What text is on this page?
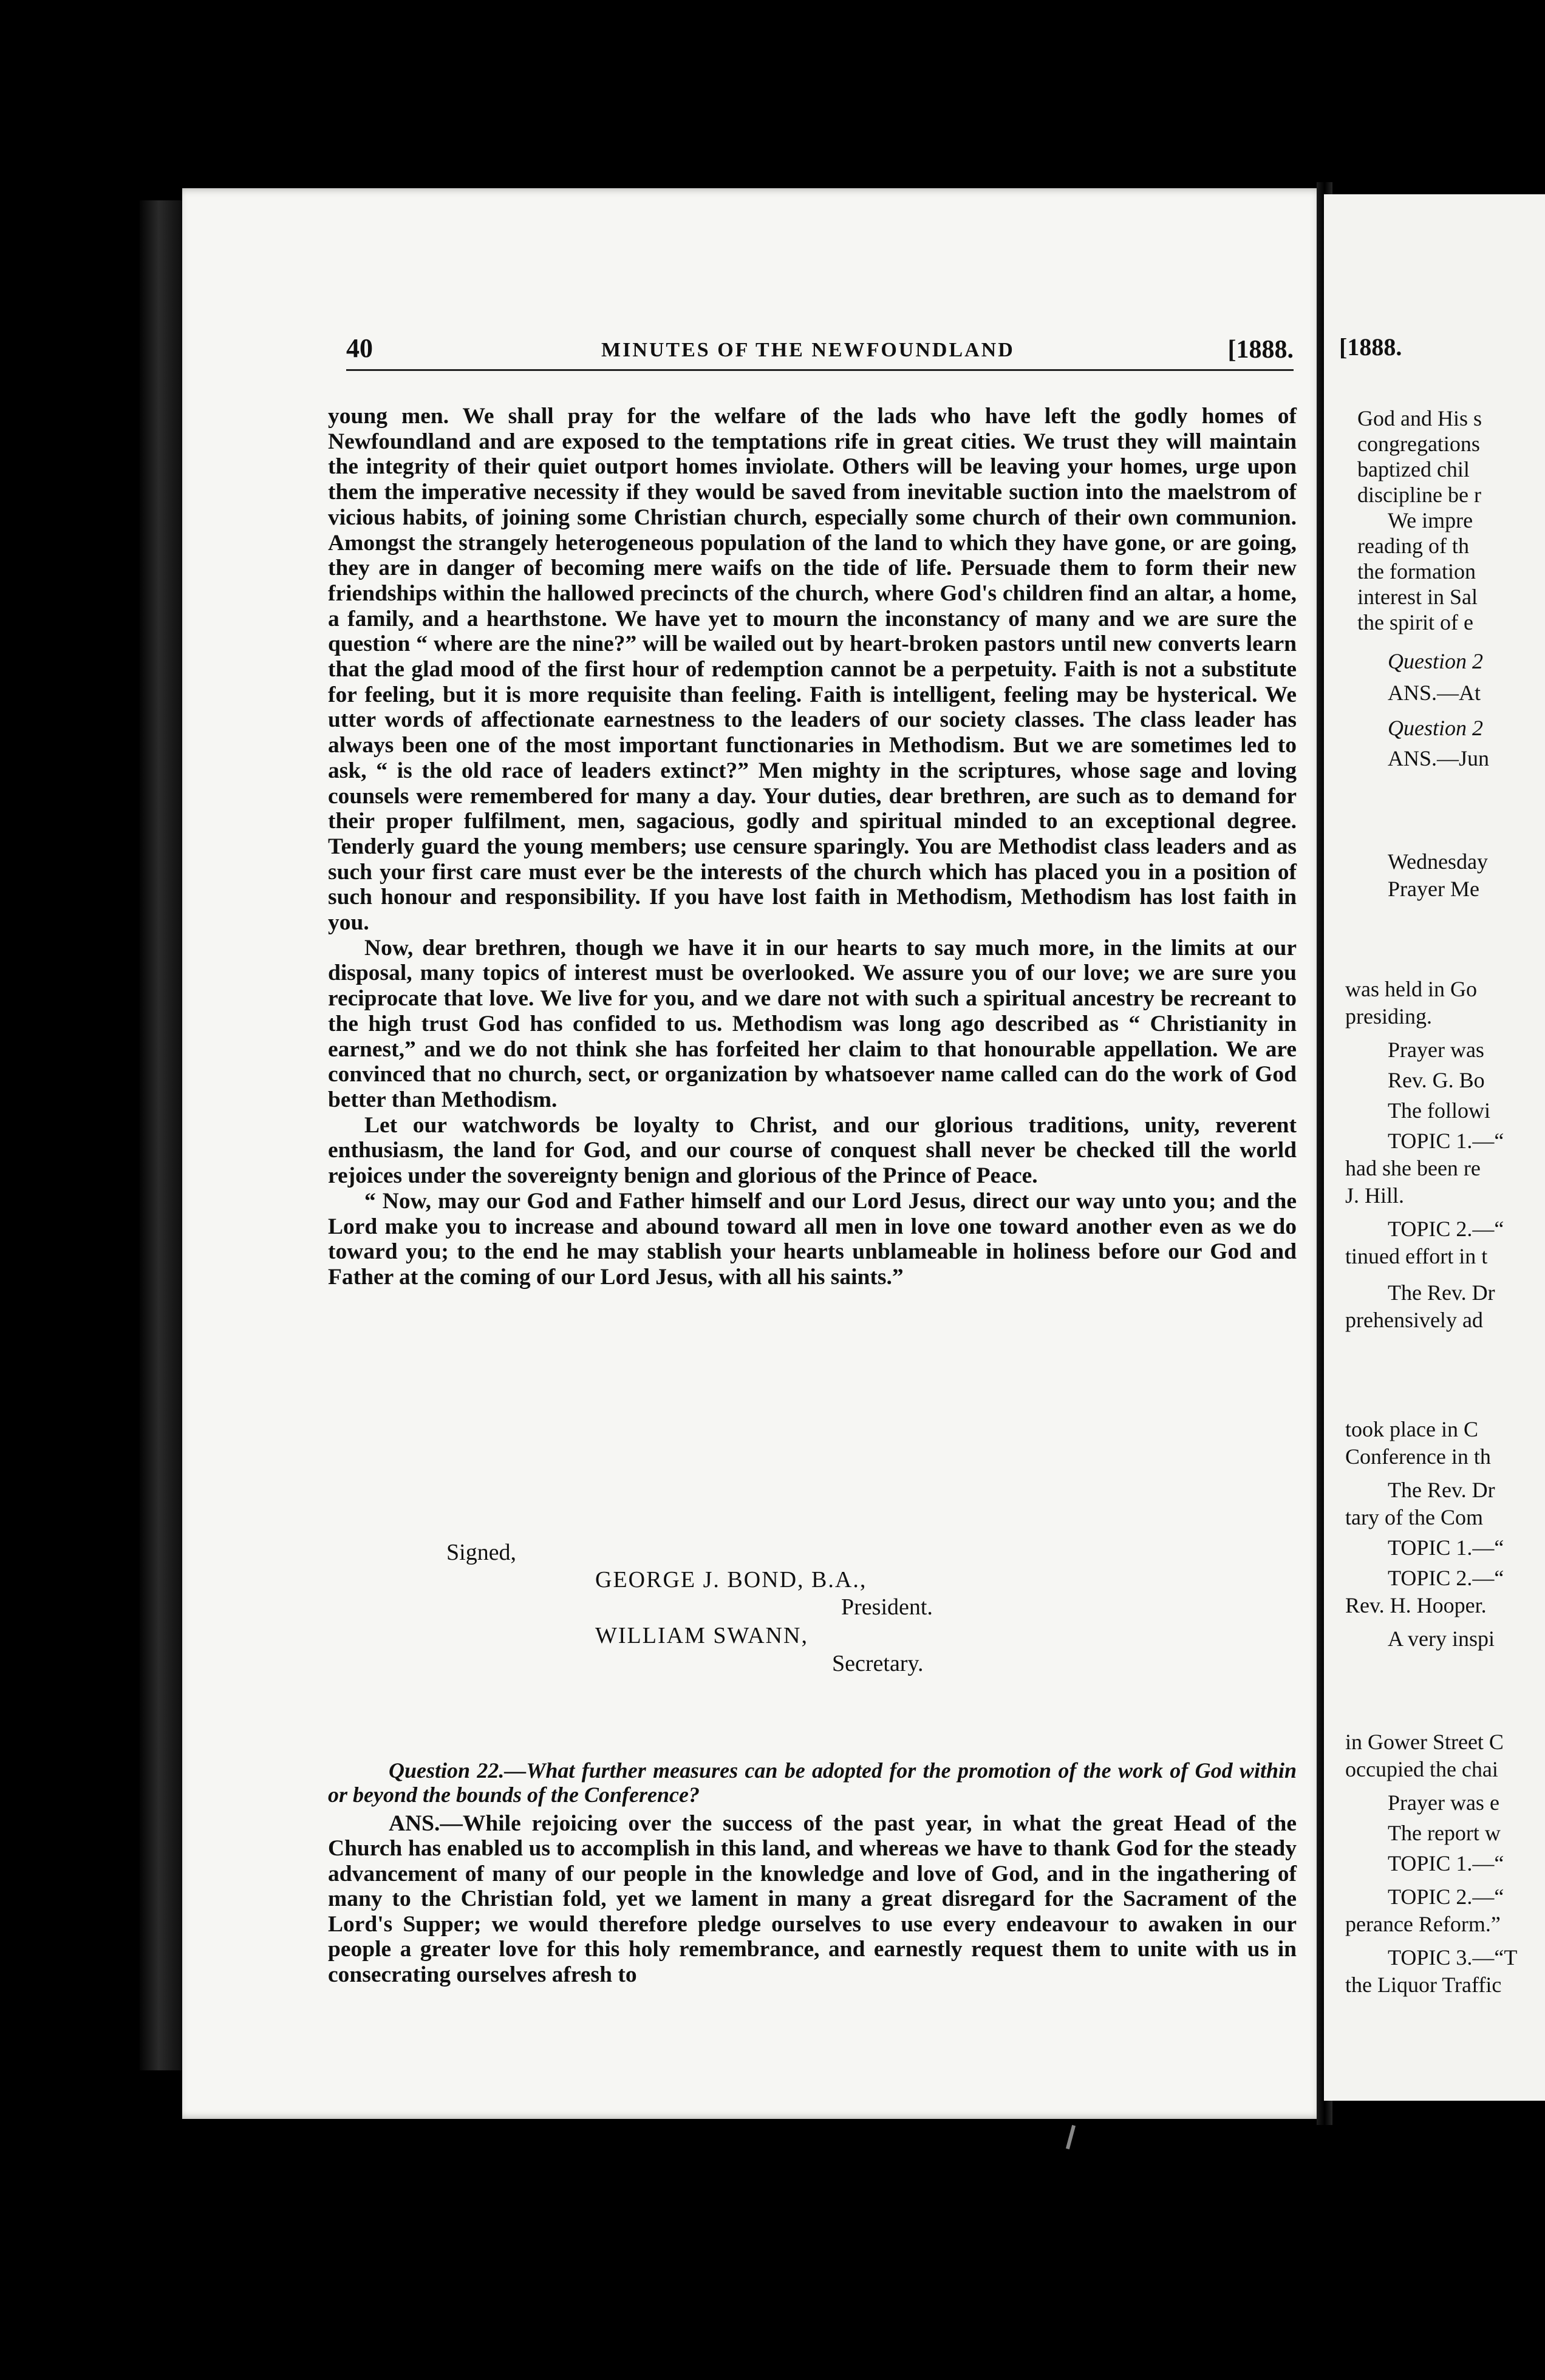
40	MINUTES OF THE NEWFOUNDLAND	[1888.

young men. We shall pray for the welfare of the lads who have left the godly homes of Newfoundland and are exposed to the temptations rife in great cities. We trust they will maintain the integrity of their quiet outport homes inviolate. Others will be leaving your homes, urge upon them the imperative necessity if they would be saved from inevitable suction into the maelstrom of vicious habits, of joining some Christian church, especially some church of their own communion. Amongst the strangely heterogeneous population of the land to which they have gone, or are going, they are in danger of becoming mere waifs on the tide of life. Persuade them to form their new friendships within the hallowed precincts of the church, where God's children find an altar, a home, a family, and a hearthstone. We have yet to mourn the inconstancy of many and we are sure the question “ where are the nine?” will be wailed out by heart-broken pastors until new converts learn that the glad mood of the first hour of redemption cannot be a perpetuity. Faith is not a substitute for feeling, but it is more requisite than feeling. Faith is intelligent, feeling may be hysterical. We utter words of affectionate earnestness to the leaders of our society classes. The class leader has always been one of the most important functionaries in Methodism. But we are sometimes led to ask, “ is the old race of leaders extinct?” Men mighty in the scriptures, whose sage and loving counsels were remembered for many a day. Your duties, dear brethren, are such as to demand for their proper fulfilment, men, sagacious, godly and spiritual minded to an exceptional degree. Tenderly guard the young members; use censure sparingly. You are Methodist class leaders and as such your first care must ever be the interests of the church which has placed you in a position of such honour and responsibility. If you have lost faith in Methodism, Methodism has lost faith in you.

Now, dear brethren, though we have it in our hearts to say much more, in the limits at our disposal, many topics of interest must be overlooked. We assure you of our love; we are sure you reciprocate that love. We live for you, and we dare not with such a spiritual ancestry be recreant to the high trust God has confided to us. Methodism was long ago described as “ Christianity in earnest,” and we do not think she has forfeited her claim to that honourable appellation. We are convinced that no church, sect, or organization by whatsoever name called can do the work of God better than Methodism.

Let our watchwords be loyalty to Christ, and our glorious traditions, unity, reverent enthusiasm, the land for God, and our course of conquest shall never be checked till the world rejoices under the sovereignty benign and glorious of the Prince of Peace.

“ Now, may our God and Father himself and our Lord Jesus, direct our way unto you; and the Lord make you to increase and abound toward all men in love one toward another even as we do toward you; to the end he may stablish your hearts unblameable in holiness before our God and Father at the coming of our Lord Jesus, with all his saints.”

Signed,
GEORGE J. BOND, B.A.,
President.
WILLIAM SWANN,
Secretary.

Question 22.—What further measures can be adopted for the promotion of the work of God within or beyond the bounds of the Conference?

ANS.—While rejoicing over the success of the past year, in what the great Head of the Church has enabled us to accomplish in this land, and whereas we have to thank God for the steady advancement of many of our people in the knowledge and love of God, and in the ingathering of many to the Christian fold, yet we lament in many a great disregard for the Sacrament of the Lord's Supper; we would therefore pledge ourselves to use every endeavour to awaken in our people a greater love for this holy remembrance, and earnestly request them to unite with us in consecrating ourselves afresh to

[1888.
God and His s
congregations
baptized chil
discipline be r
We impre
reading of th
the formation
interest in Sal
the spirit of e
Question 2
ANS.—At
Question 2
ANS.—Jun
Wednesday
Prayer Me
was held in Go
presiding.
Prayer was
Rev. G. Bo
The followi
TOPIC 1.—“
had she been re
J. Hill.
TOPIC 2.—“
tinued effort in t
The Rev. Dr
prehensively ad
took place in C
Conference in th
The Rev. Dr
tary of the Com
TOPIC 1.—“
TOPIC 2.—“
Rev. H. Hooper.
A very inspi
in Gower Street C
occupied the chai
Prayer was e
The report w
TOPIC 1.—“
TOPIC 2.—“
perance Reform.”
TOPIC 3.—“T
the Liquor Traffic
